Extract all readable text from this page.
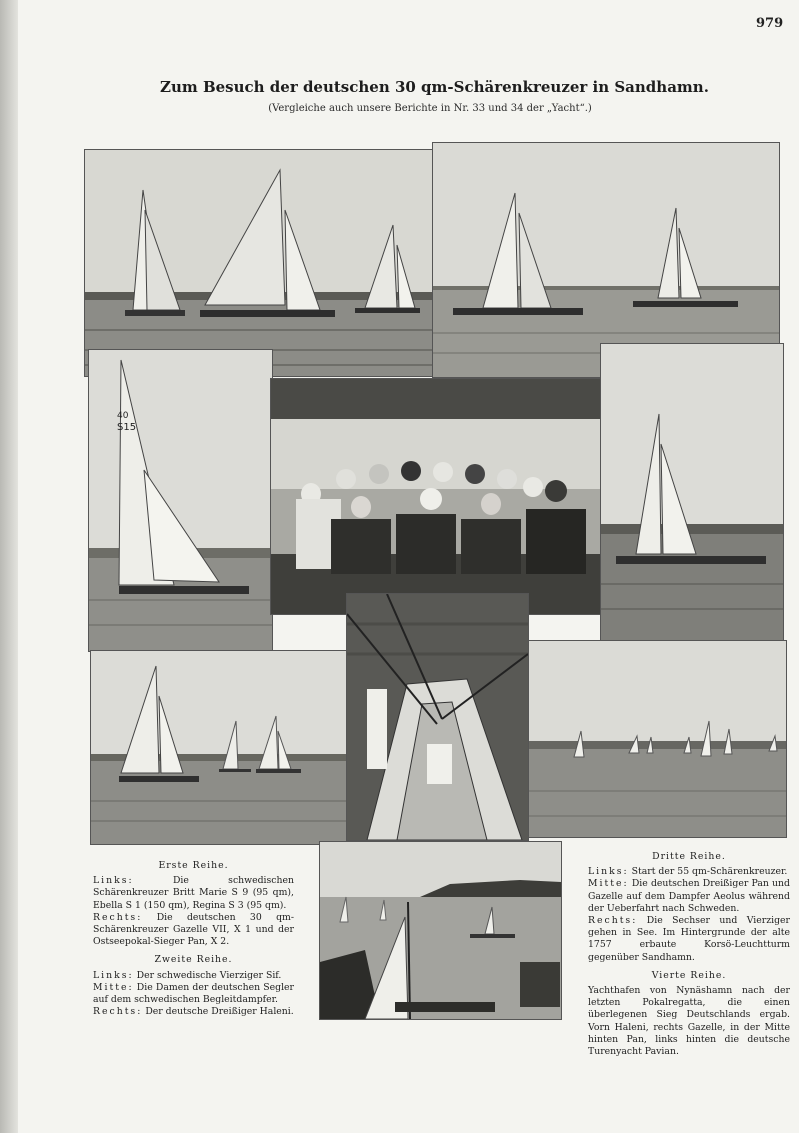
979
Zum Besuch der deutschen 30 qm-Schärenkreuzer in Sandhamn.
(Vergleiche auch unsere Berichte in Nr. 33 und 34 der „Yacht“.)
40
S15
Erste Reihe.

Links:	Die schwedischen Schärenkreuzer Britt Marie S 9 (95 qm), Ebella S 1 (150 qm), Regina S 3 (95 qm).

Rechts: Die deutschen 30 qm-Schärenkreuzer Gazelle VII, X 1 und der Ostseepokal-Sieger Pan, X 2.

Zweite Reihe.

Links: Der schwedische Vierziger Sif.

Mitte: Die Damen der deutschen Segler auf dem schwedischen Begleitdampfer.

Rechts: Der deutsche Dreißiger Haleni.

Dritte Reihe.

Links: Start der 55 qm-Schärenkreuzer.

Mitte: Die deutschen Dreißiger Pan und Gazelle auf dem Dampfer Aeolus während der Ueberfahrt nach Schweden.

Rechts: Die Sechser und Vierziger gehen in See. Im Hintergrunde der alte 1757 erbaute Korsö-Leuchtturm gegenüber Sandhamn.

Vierte Reihe.

Yachthafen von Nynäshamn nach der letzten Pokalregatta, die einen überlegenen Sieg Deutschlands ergab. Vorn Haleni, rechts Gazelle, in der Mitte hinten Pan, links hinten die deutsche Turenyacht Pavian.
